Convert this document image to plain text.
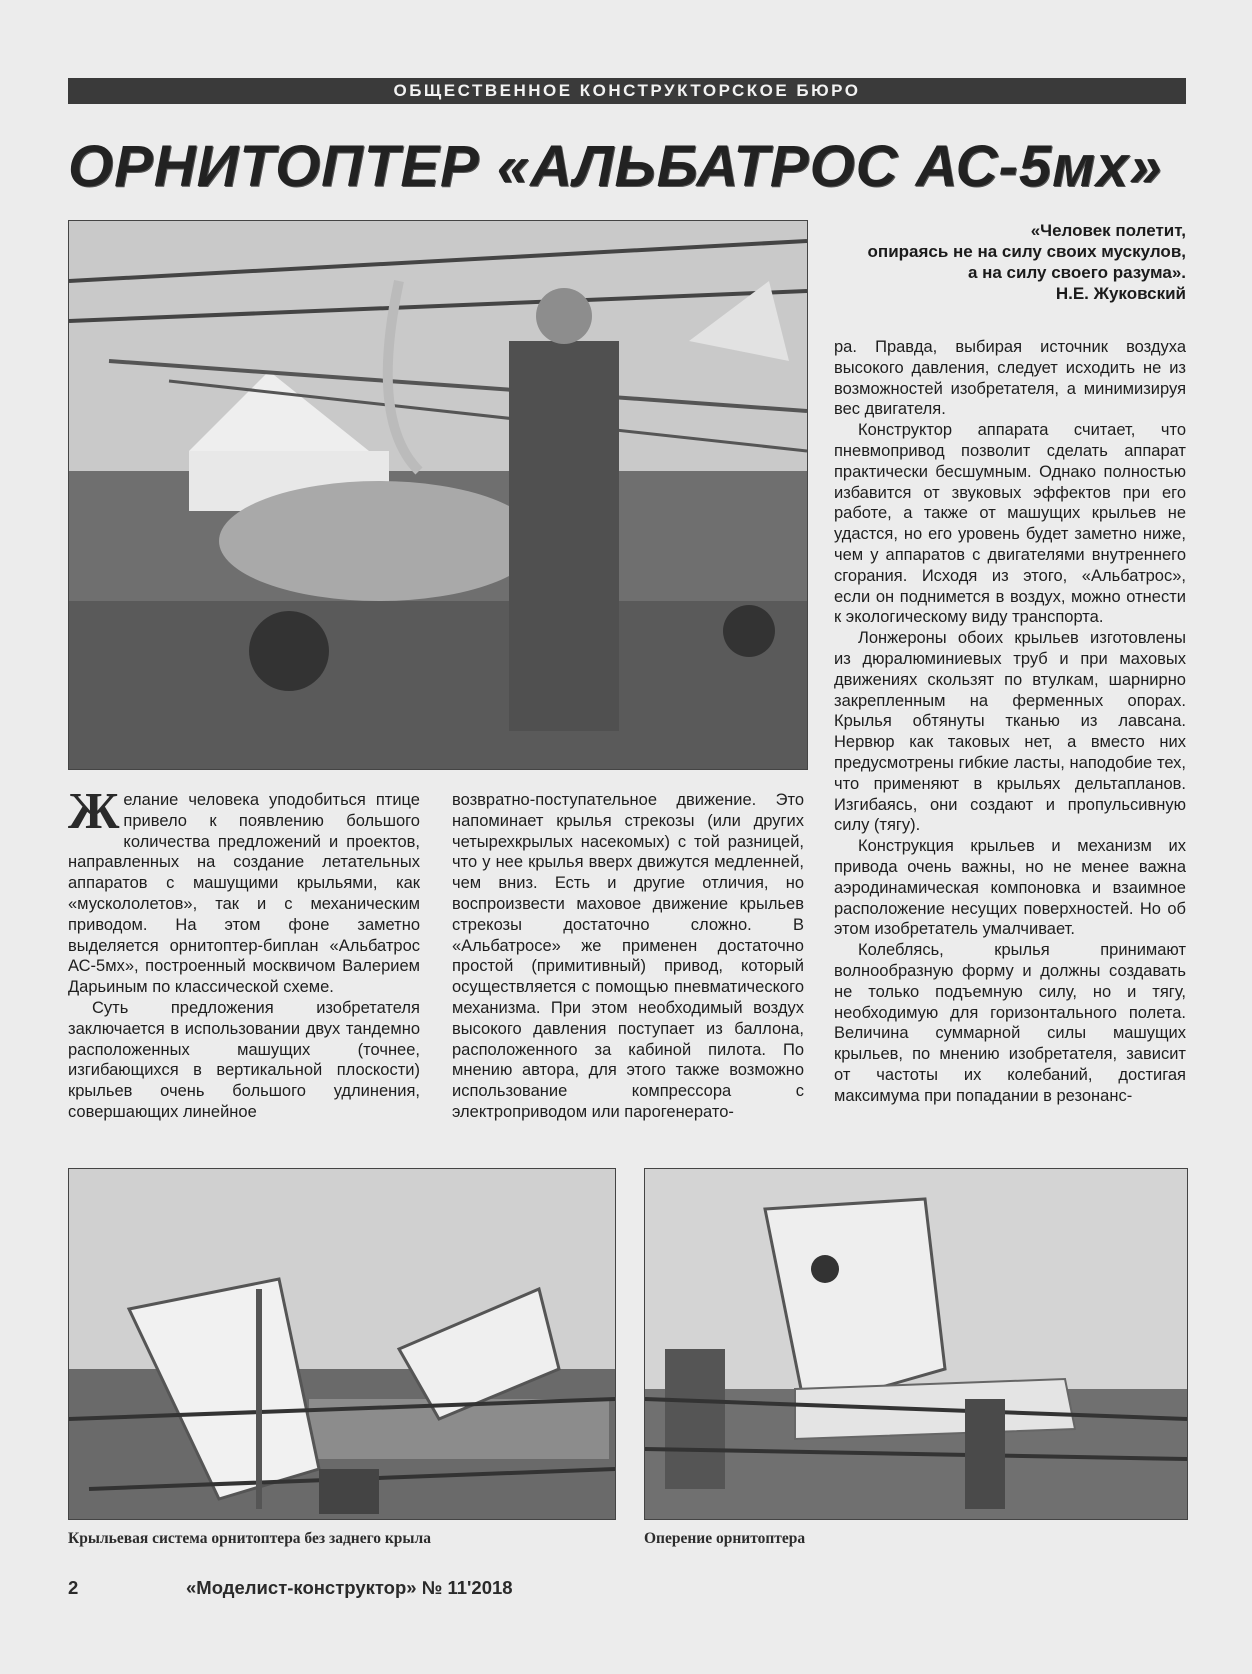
ОБЩЕСТВЕННОЕ КОНСТРУКТОРСКОЕ БЮРО
ОРНИТОПТЕР «АЛЬБАТРОС АС-5мх»
«Человек полетит,
опираясь не на силу своих мускулов,
а на силу своего разума».
Н.Е. Жуковский

ра. Правда, выбирая источник воздуха высокого давления, следует исходить не из возможностей изобретателя, а минимизируя вес двигателя.

Конструктор аппарата считает, что пневмопривод позволит сделать аппарат практически бесшумным. Однако полностью избавится от звуковых эффектов при его работе, а также от машущих крыльев не удастся, но его уровень будет заметно ниже, чем у аппаратов с двигателями внутреннего сгорания. Исходя из этого, «Альбатрос», если он поднимется в воздух, можно отнести к экологическому виду транспорта.

Лонжероны обоих крыльев изготовлены из дюралюминиевых труб и при маховых движениях скользят по втулкам, шарнирно закрепленным на ферменных опорах. Крылья обтянуты тканью из лавсана. Нервюр как таковых нет, а вместо них предусмотрены гибкие ласты, наподобие тех, что применяют в крыльях дельтапланов. Изгибаясь, они создают и пропульсивную силу (тягу).

Конструкция крыльев и механизм их привода очень важны, но не менее важна аэродинамическая компоновка и взаимное расположение несущих поверхностей. Но об этом изобретатель умалчивает.

Колеблясь, крылья принимают волнообразную форму и должны создавать не только подъемную силу, но и тягу, необходимую для горизонтального полета. Величина суммарной силы машущих крыльев, по мнению изобретателя, зависит от частоты их колебаний, достигая максимума при попадании в резонанс-

Желание человека уподобиться птице привело к появлению большого количества предложений и проектов, направленных на создание летательных аппаратов с машущими крыльями, как «мускололетов», так и с механическим приводом. На этом фоне заметно выделяется орнитоптер-биплан «Альбатрос АС-5мх», построенный москвичом Валерием Дарьиным по классической схеме.

Суть предложения изобретателя заключается в использовании двух тандемно расположенных машущих (точнее, изгибающихся в вертикальной плоскости) крыльев очень большого удлинения, совершающих линейное

возвратно-поступательное движение. Это напоминает крылья стрекозы (или других четырехкрылых насекомых) с той разницей, что у нее крылья вверх движутся медленней, чем вниз. Есть и другие отличия, но воспроизвести маховое движение крыльев стрекозы достаточно сложно. В «Альбатросе» же применен достаточно простой (примитивный) привод, который осуществляется с помощью пневматического механизма. При этом необходимый воздух высокого давления поступает из баллона, расположенного за кабиной пилота. По мнению автора, для этого также возможно использование компрессора с электроприводом или парогенерато-

Крыльевая система орнитоптера без заднего крыла	Оперение орнитоптера
2	«Моделист-конструктор» № 11'2018
